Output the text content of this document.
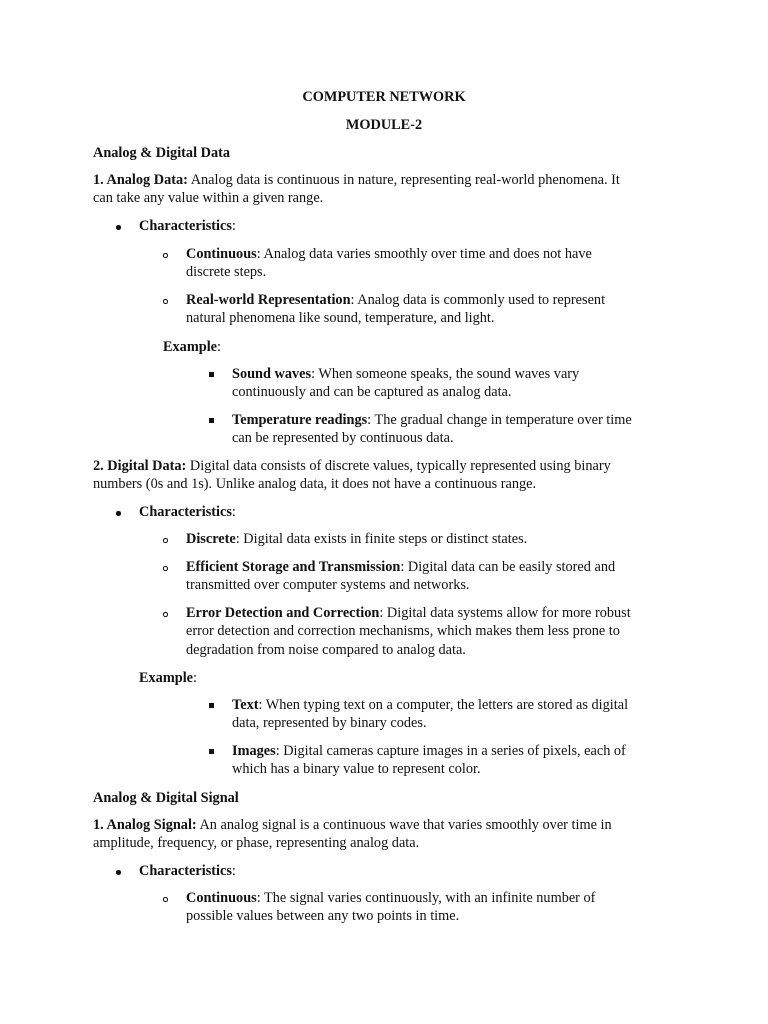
COMPUTER NETWORK
MODULE-2
Analog & Digital Data
1. Analog Data: Analog data is continuous in nature, representing real-world phenomena. It
can take any value within a given range.
Characteristics:
Continuous: Analog data varies smoothly over time and does not have
discrete steps.
Real-world Representation: Analog data is commonly used to represent
natural phenomena like sound, temperature, and light.
Example:
Sound waves: When someone speaks, the sound waves vary
continuously and can be captured as analog data.
Temperature readings: The gradual change in temperature over time
can be represented by continuous data.
2. Digital Data: Digital data consists of discrete values, typically represented using binary
numbers (0s and 1s). Unlike analog data, it does not have a continuous range.
Characteristics:
Discrete: Digital data exists in finite steps or distinct states.
Efficient Storage and Transmission: Digital data can be easily stored and
transmitted over computer systems and networks.
Error Detection and Correction: Digital data systems allow for more robust
error detection and correction mechanisms, which makes them less prone to
degradation from noise compared to analog data.
Example:
Text: When typing text on a computer, the letters are stored as digital
data, represented by binary codes.
Images: Digital cameras capture images in a series of pixels, each of
which has a binary value to represent color.
Analog & Digital Signal
1. Analog Signal: An analog signal is a continuous wave that varies smoothly over time in
amplitude, frequency, or phase, representing analog data.
Characteristics:
Continuous: The signal varies continuously, with an infinite number of
possible values between any two points in time.
